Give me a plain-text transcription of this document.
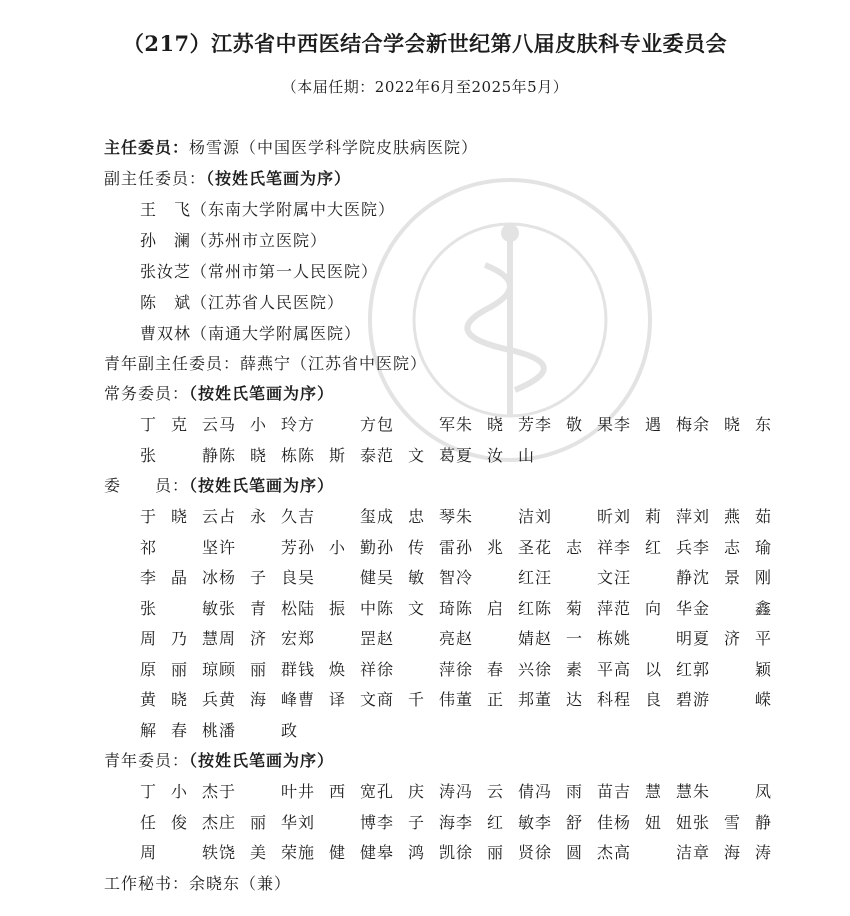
（217）江苏省中西医结合学会新世纪第八届皮肤科专业委员会
（本届任期：2022年6月至2025年5月）
主任委员：杨雪源（中国医学科学院皮肤病医院）
副主任委员：（按姓氏笔画为序）
王　飞（东南大学附属中大医院）
孙　澜（苏州市立医院）
张汝芝（常州市第一人民医院）
陈　斌（江苏省人民医院）
曹双林（南通大学附属医院）
青年副主任委员：薛燕宁（江苏省中医院）
常务委员：（按姓氏笔画为序）
丁克云马小玲方　方包　军朱晓芳李敬果李遇梅余晓东
张　静陈晓栋陈斯泰范文葛夏汝山
委　　员：（按姓氏笔画为序）
于晓云占永久吉　玺成忠琴朱　洁刘　昕刘莉萍刘燕茹
祁　坚许　芳孙小勤孙传雷孙兆圣花志祥李红兵李志瑜
李晶冰杨子良吴　健吴敏智冷　红汪　文汪　静沈景刚
张　敏张青松陆振中陈文琦陈启红陈菊萍范向华金　鑫
周乃慧周济宏郑　罡赵　亮赵　婧赵一栋姚　明夏济平
原丽琼顾丽群钱焕祥徐　萍徐春兴徐素平高以红郭　颖
黄晓兵黄海峰曹译文商千伟董正邦董达科程良碧游　嵘
解春桃潘　政
青年委员：（按姓氏笔画为序）
丁小杰于　叶井西宽孔庆涛冯云倩冯雨苗吉慧慧朱　凤
任俊杰庄丽华刘　博李子海李红敏李舒佳杨妞妞张雪静
周　轶饶美荣施健健皋鸿凯徐丽贤徐圆杰高　洁章海涛
工作秘书：余晓东（兼）
